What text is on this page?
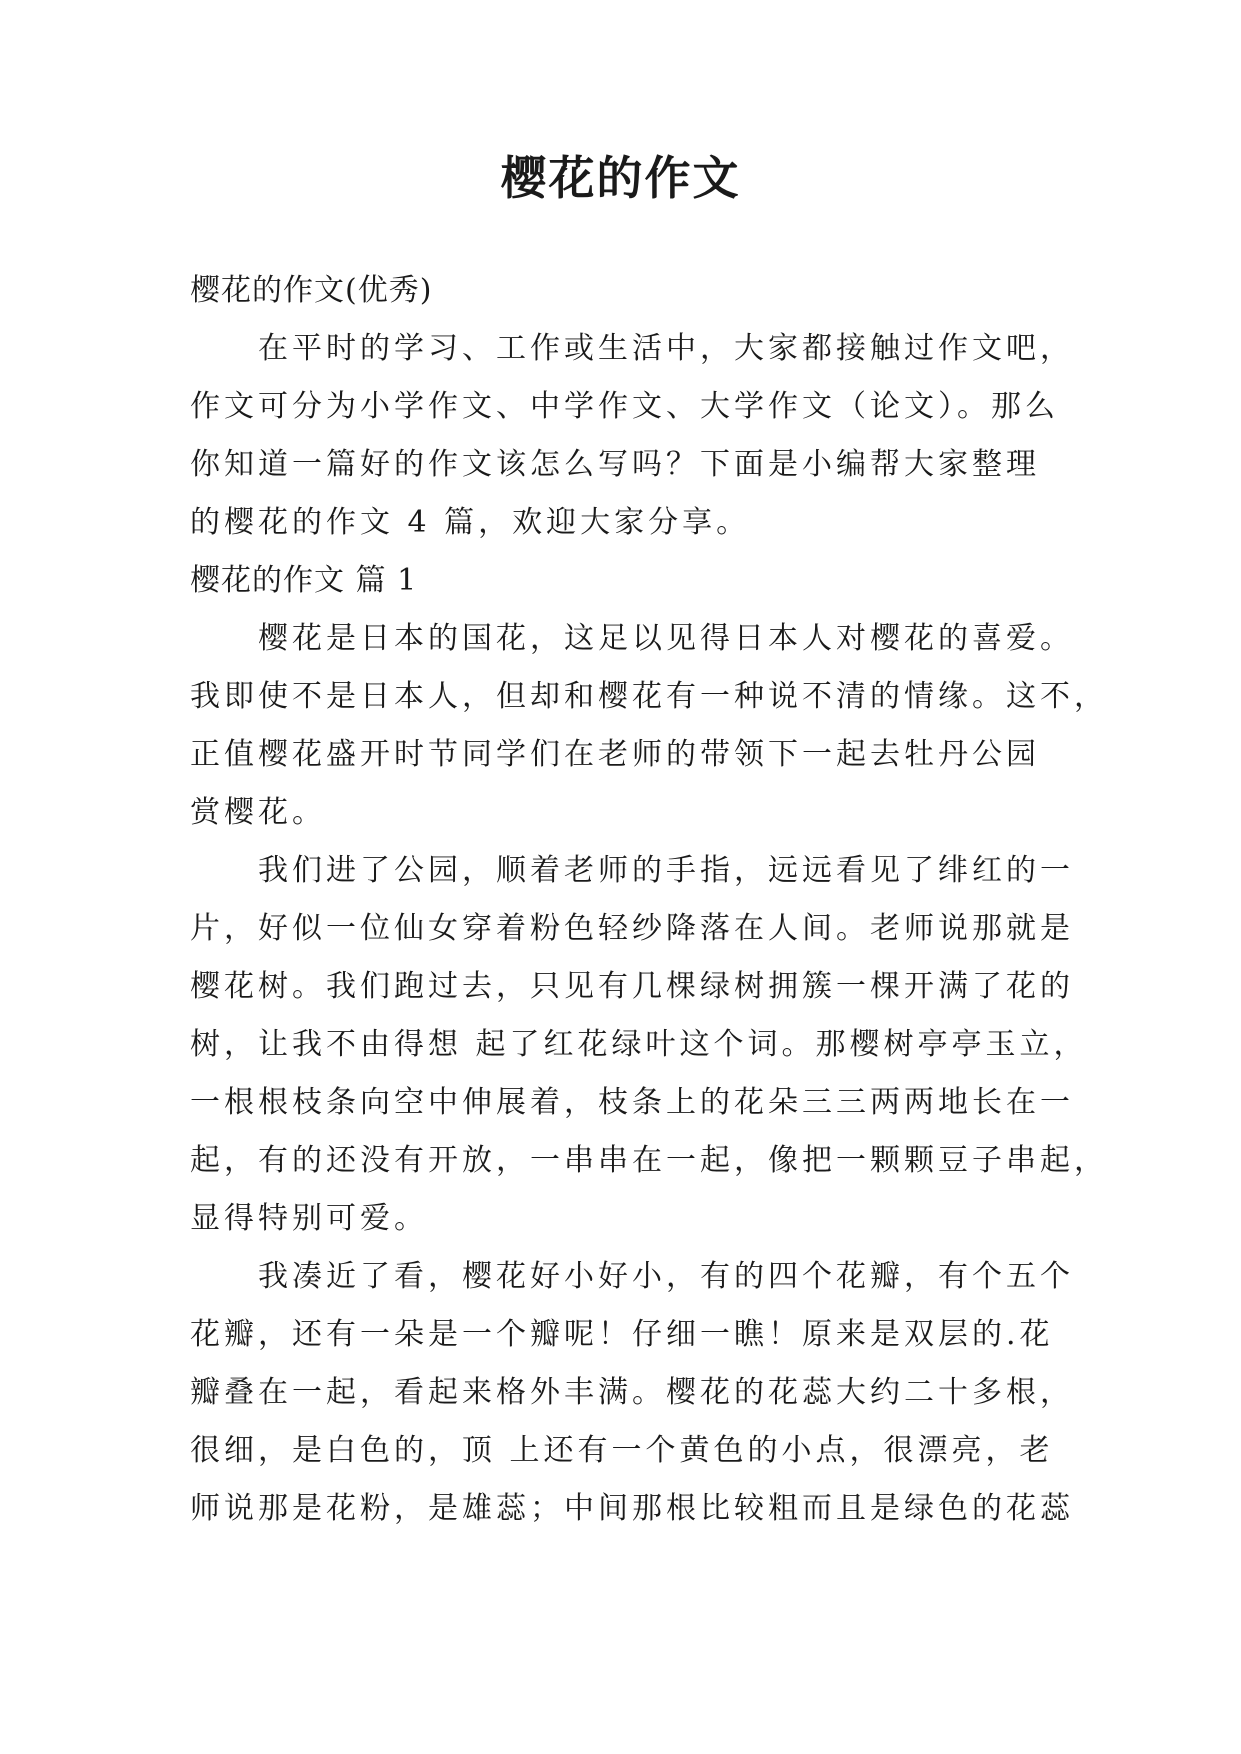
樱花的作文
樱花的作文(优秀)
在平时的学习、工作或生活中，大家都接触过作文吧，
作文可分为小学作文、中学作文、大学作文（论文）。那么
你知道一篇好的作文该怎么写吗？下面是小编帮大家整理
的樱花的作文 4 篇，欢迎大家分享。
樱花的作文 篇 1
樱花是日本的国花，这足以见得日本人对樱花的喜爱。
我即使不是日本人，但却和樱花有一种说不清的情缘。这不，
正值樱花盛开时节同学们在老师的带领下一起去牡丹公园
赏樱花。
我们进了公园，顺着老师的手指，远远看见了绯红的一
片，好似一位仙女穿着粉色轻纱降落在人间。老师说那就是
樱花树。我们跑过去，只见有几棵绿树拥簇一棵开满了花的
树，让我不由得想 起了红花绿叶这个词。那樱树亭亭玉立，
一根根枝条向空中伸展着，枝条上的花朵三三两两地长在一
起，有的还没有开放，一串串在一起，像把一颗颗豆子串起，
显得特别可爱。
我凑近了看，樱花好小好小，有的四个花瓣，有个五个
花瓣，还有一朵是一个瓣呢！仔细一瞧！原来是双层的.花
瓣叠在一起，看起来格外丰满。樱花的花蕊大约二十多根，
很细，是白色的，顶 上还有一个黄色的小点，很漂亮，老
师说那是花粉，是雄蕊；中间那根比较粗而且是绿色的花蕊
